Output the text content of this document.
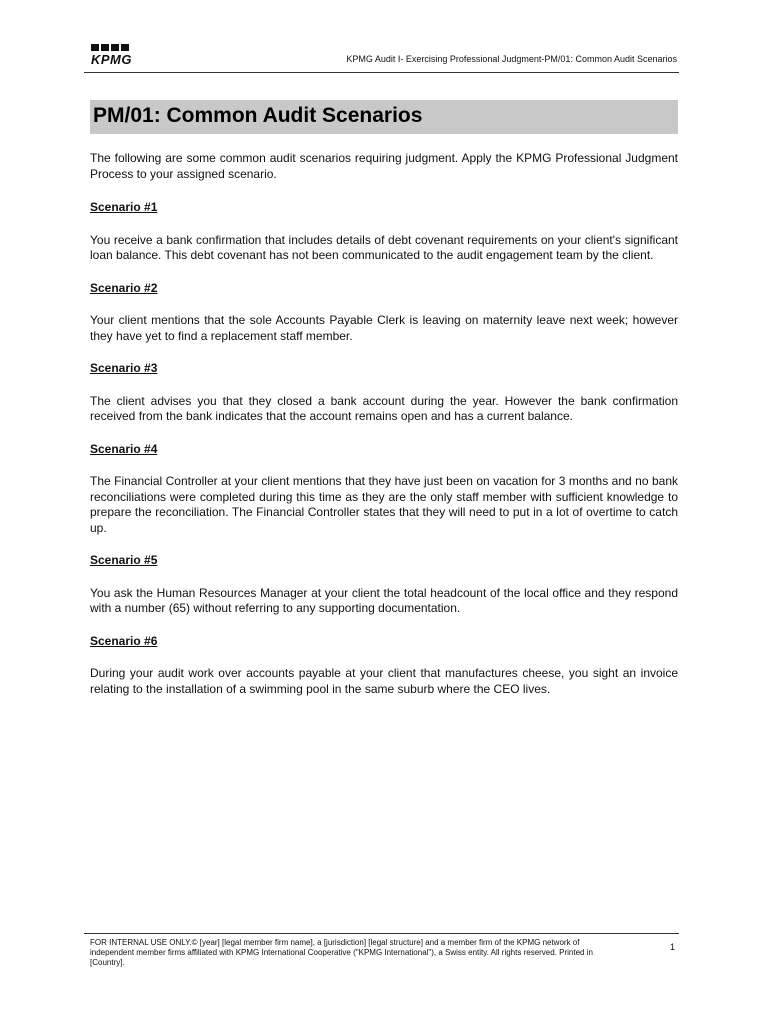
KPMG	KPMG Audit I- Exercising Professional Judgment-PM/01: Common Audit Scenarios
PM/01: Common Audit Scenarios

The following are some common audit scenarios requiring judgment. Apply the KPMG Professional Judgment Process to your assigned scenario.

Scenario #1

You receive a bank confirmation that includes details of debt covenant requirements on your client's significant loan balance. This debt covenant has not been communicated to the audit engagement team by the client.

Scenario #2

Your client mentions that the sole Accounts Payable Clerk is leaving on maternity leave next week; however they have yet to find a replacement staff member.

Scenario #3

The client advises you that they closed a bank account during the year. However the bank confirmation received from the bank indicates that the account remains open and has a current balance.

Scenario #4

The Financial Controller at your client mentions that they have just been on vacation for 3 months and no bank reconciliations were completed during this time as they are the only staff member with sufficient knowledge to prepare the reconciliation. The Financial Controller states that they will need to put in a lot of overtime to catch up.

Scenario #5

You ask the Human Resources Manager at your client the total headcount of the local office and they respond with a number (65) without referring to any supporting documentation.

Scenario #6

During your audit work over accounts payable at your client that manufactures cheese, you sight an invoice relating to the installation of a swimming pool in the same suburb where the CEO lives.

FOR INTERNAL USE ONLY.© [year] [legal member firm name], a [jurisdiction] [legal structure] and a member firm of the KPMG network of independent member firms affiliated with KPMG International Cooperative ("KPMG International"), a Swiss entity. All rights reserved. Printed in [Country].
1
